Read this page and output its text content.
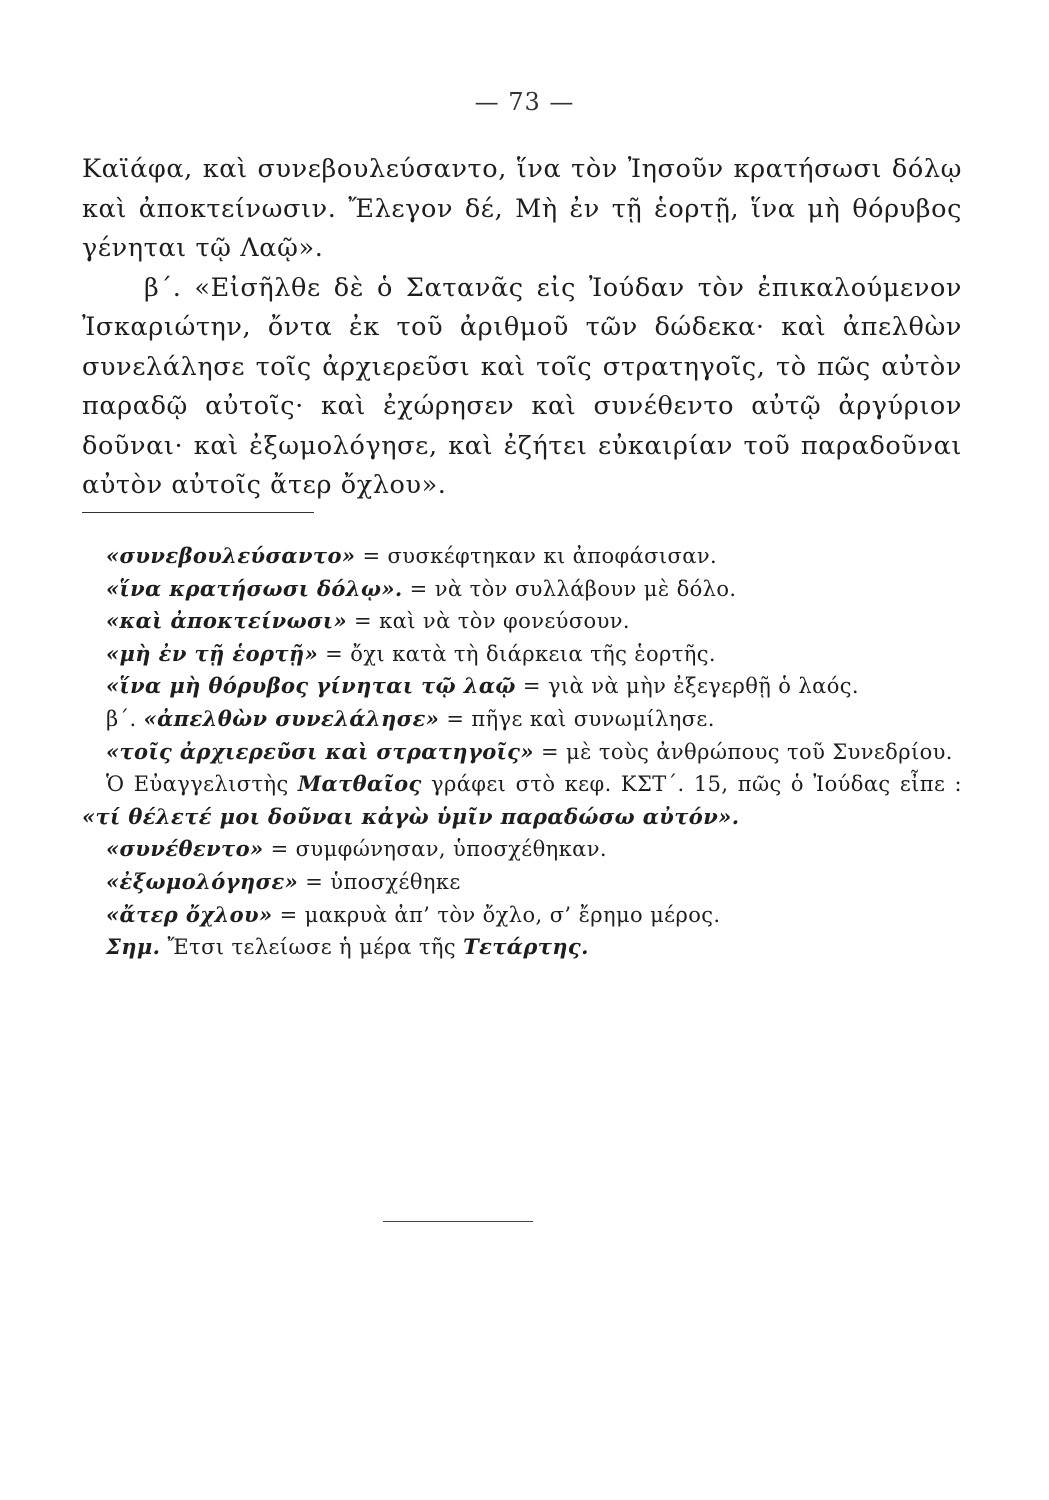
— 73 —

Καϊάφα, καὶ συνεβουλεύσαντο, ἵνα τὸν Ἰησοῦν κρατήσωσι δόλῳ καὶ ἀποκτείνωσιν. Ἔλεγον δέ, Μὴ ἐν τῇ ἑορτῇ, ἵνα μὴ θόρυβος γένηται τῷ Λαῷ».

β΄. «Εἰσῆλθε δὲ ὁ Σατανᾶς εἰς Ἰούδαν τὸν ἐπικαλούμενον Ἰσκαριώτην, ὄντα ἐκ τοῦ ἀριθμοῦ τῶν δώδεκα· καὶ ἀπελθὼν συνελάλησε τοῖς ἀρχιερεῦσι καὶ τοῖς στρατηγοῖς, τὸ πῶς αὐτὸν παραδῷ αὐτοῖς· καὶ ἐχώρησεν καὶ συνέθεντο αὐτῷ ἀργύριον δοῦναι· καὶ ἐξωμολόγησε, καὶ ἐζήτει εὐκαιρίαν τοῦ παραδοῦναι αὐτὸν αὐτοῖς ἄτερ ὄχλου».

«συνεβουλεύσαντο» = συσκέφτηκαν κι ἀποφάσισαν.

«ἵνα κρατήσωσι δόλῳ». = νὰ τὸν συλλάβουν μὲ δόλο.

«καὶ ἀποκτείνωσι» = καὶ νὰ τὸν φονεύσουν.

«μὴ ἐν τῇ ἑορτῇ» = ὄχι κατὰ τὴ διάρκεια τῆς ἑορτῆς.

«ἵνα μὴ θόρυβος γίνηται τῷ λαῷ = γιὰ νὰ μὴν ἐξεγερθῇ ὁ λαός.

β΄. «ἀπελθὼν συνελάλησε» = πῆγε καὶ συνωμίλησε.

«τοῖς ἀρχιερεῦσι καὶ στρατηγοῖς» = μὲ τοὺς ἀνθρώπους τοῦ Συνεδρίου.

Ὁ Εὐαγγελιστὴς Ματθαῖος γράφει στὸ κεφ. ΚΣΤ΄. 15, πῶς ὁ Ἰούδας εἶπε : «τί θέλετέ μοι δοῦναι κἀγὼ ὑμῖν παραδώσω αὐτόν».

«συνέθεντο» = συμφώνησαν, ὑποσχέθηκαν.

«ἐξωμολόγησε» = ὑποσχέθηκε

«ἄτερ ὄχλου» = μακρυὰ ἀπ’ τὸν ὄχλο, σ’ ἔρημο μέρος.

Σημ. Ἔτσι τελείωσε ἡ μέρα τῆς Τετάρτης.
